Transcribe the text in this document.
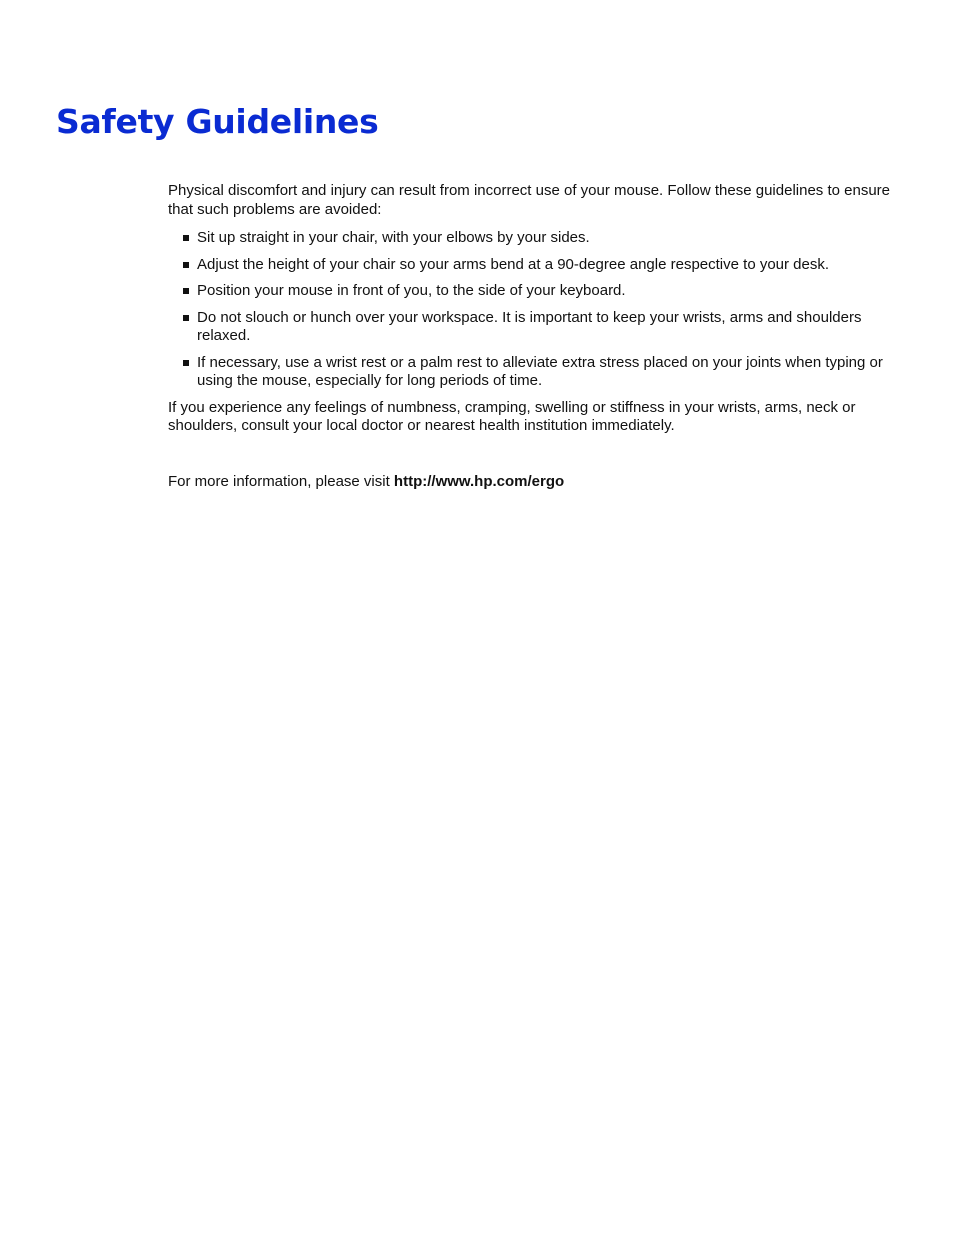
Safety Guidelines

Physical discomfort and injury can result from incorrect use of your mouse. Follow these guidelines to ensure that such problems are avoided:

Sit up straight in your chair, with your elbows by your sides.
Adjust the height of your chair so your arms bend at a 90-degree angle respective to your desk.
Position your mouse in front of you, to the side of your keyboard.
Do not slouch or hunch over your workspace. It is important to keep your wrists, arms and shoulders relaxed.
If necessary, use a wrist rest or a palm rest to alleviate extra stress placed on your joints when typing or using the mouse, especially for long periods of time.

If you experience any feelings of numbness, cramping, swelling or stiffness in your wrists, arms, neck or shoulders, consult your local doctor or nearest health institution immediately.

For more information, please visit http://www.hp.com/ergo
